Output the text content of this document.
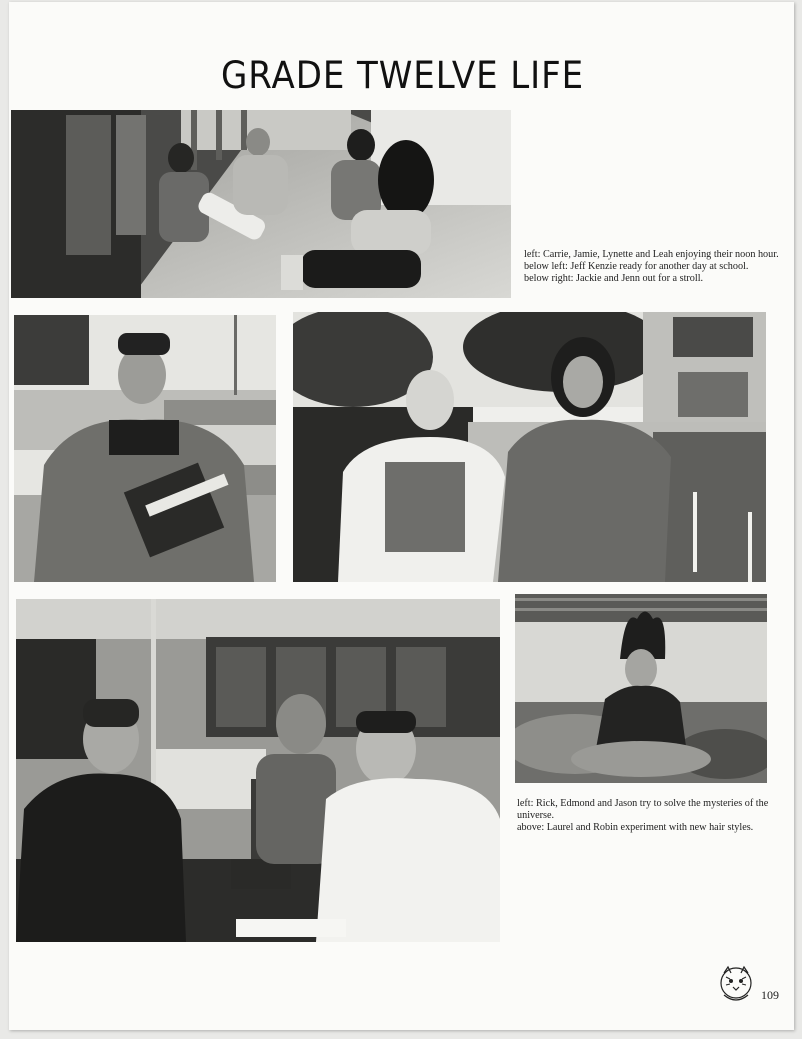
GRADE TWELVE LIFE

left: Carrie, Jamie, Lynette and Leah enjoying their noon hour.

below left: Jeff Kenzie ready for another day at school.

below right: Jackie and Jenn out for a stroll.

left: Rick, Edmond and Jason try to solve the mysteries of the universe.

above: Laurel and Robin experiment with new hair styles.

109
